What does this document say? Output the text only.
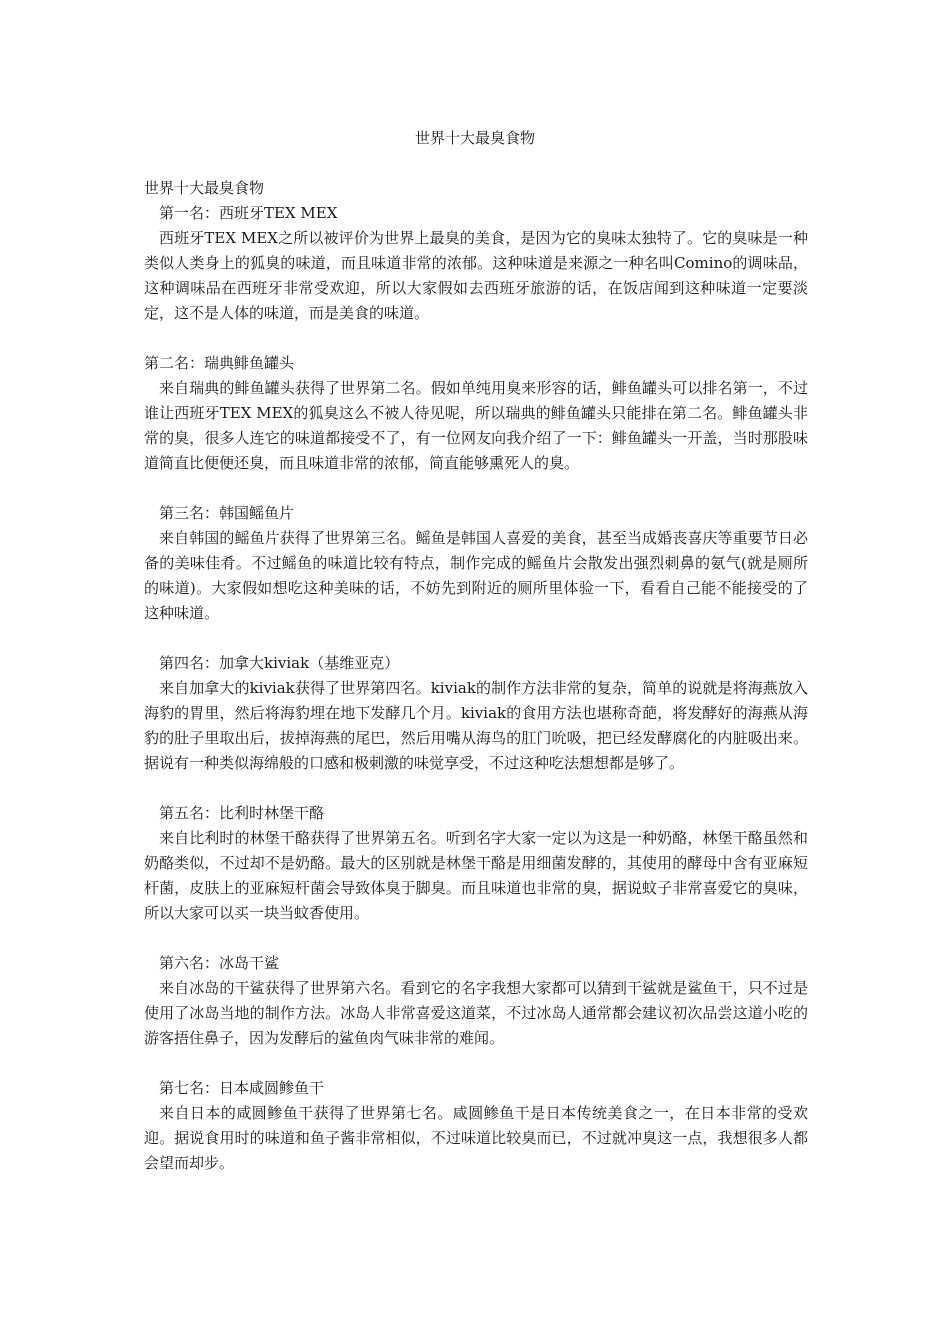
世界十大最臭食物

世界十大最臭食物

第一名：西班牙TEX MEX

西班牙TEX MEX之所以被评价为世界上最臭的美食，是因为它的臭味太独特了。它的臭味是一种类似人类身上的狐臭的味道，而且味道非常的浓郁。这种味道是来源之一种名叫Comino的调味品，这种调味品在西班牙非常受欢迎，所以大家假如去西班牙旅游的话，在饭店闻到这种味道一定要淡定，这不是人体的味道，而是美食的味道。

第二名：瑞典鲱鱼罐头

来自瑞典的鲱鱼罐头获得了世界第二名。假如单纯用臭来形容的话，鲱鱼罐头可以排名第一，不过谁让西班牙TEX MEX的狐臭这么不被人待见呢，所以瑞典的鲱鱼罐头只能排在第二名。鲱鱼罐头非常的臭，很多人连它的味道都接受不了，有一位网友向我介绍了一下：鲱鱼罐头一开盖，当时那股味道简直比便便还臭，而且味道非常的浓郁，简直能够熏死人的臭。

第三名：韩国鳐鱼片

来自韩国的鳐鱼片获得了世界第三名。鳐鱼是韩国人喜爱的美食，甚至当成婚丧喜庆等重要节日必备的美味佳肴。不过鳐鱼的味道比较有特点，制作完成的鳐鱼片会散发出强烈刺鼻的氨气(就是厕所的味道)。大家假如想吃这种美味的话，不妨先到附近的厕所里体验一下，看看自己能不能接受的了这种味道。

第四名：加拿大kiviak（基维亚克）

来自加拿大的kiviak获得了世界第四名。kiviak的制作方法非常的复杂，简单的说就是将海燕放入海豹的胃里，然后将海豹埋在地下发酵几个月。kiviak的食用方法也堪称奇葩，将发酵好的海燕从海豹的肚子里取出后，拔掉海燕的尾巴，然后用嘴从海鸟的肛门吮吸，把已经发酵腐化的内脏吸出来。据说有一种类似海绵般的口感和极刺激的味觉享受，不过这种吃法想想都是够了。

第五名：比利时林堡干酪

来自比利时的林堡干酪获得了世界第五名。听到名字大家一定以为这是一种奶酪，林堡干酪虽然和奶酪类似，不过却不是奶酪。最大的区别就是林堡干酪是用细菌发酵的，其使用的酵母中含有亚麻短杆菌，皮肤上的亚麻短杆菌会导致体臭于脚臭。而且味道也非常的臭，据说蚊子非常喜爱它的臭味，所以大家可以买一块当蚊香使用。

第六名：冰岛干鲨

来自冰岛的干鲨获得了世界第六名。看到它的名字我想大家都可以猜到干鲨就是鲨鱼干，只不过是使用了冰岛当地的制作方法。冰岛人非常喜爱这道菜，不过冰岛人通常都会建议初次品尝这道小吃的游客捂住鼻子，因为发酵后的鲨鱼肉气味非常的难闻。

第七名：日本咸圆鲹鱼干

来自日本的咸圆鲹鱼干获得了世界第七名。咸圆鲹鱼干是日本传统美食之一，在日本非常的受欢迎。据说食用时的味道和鱼子酱非常相似，不过味道比较臭而已，不过就冲臭这一点，我想很多人都会望而却步。
